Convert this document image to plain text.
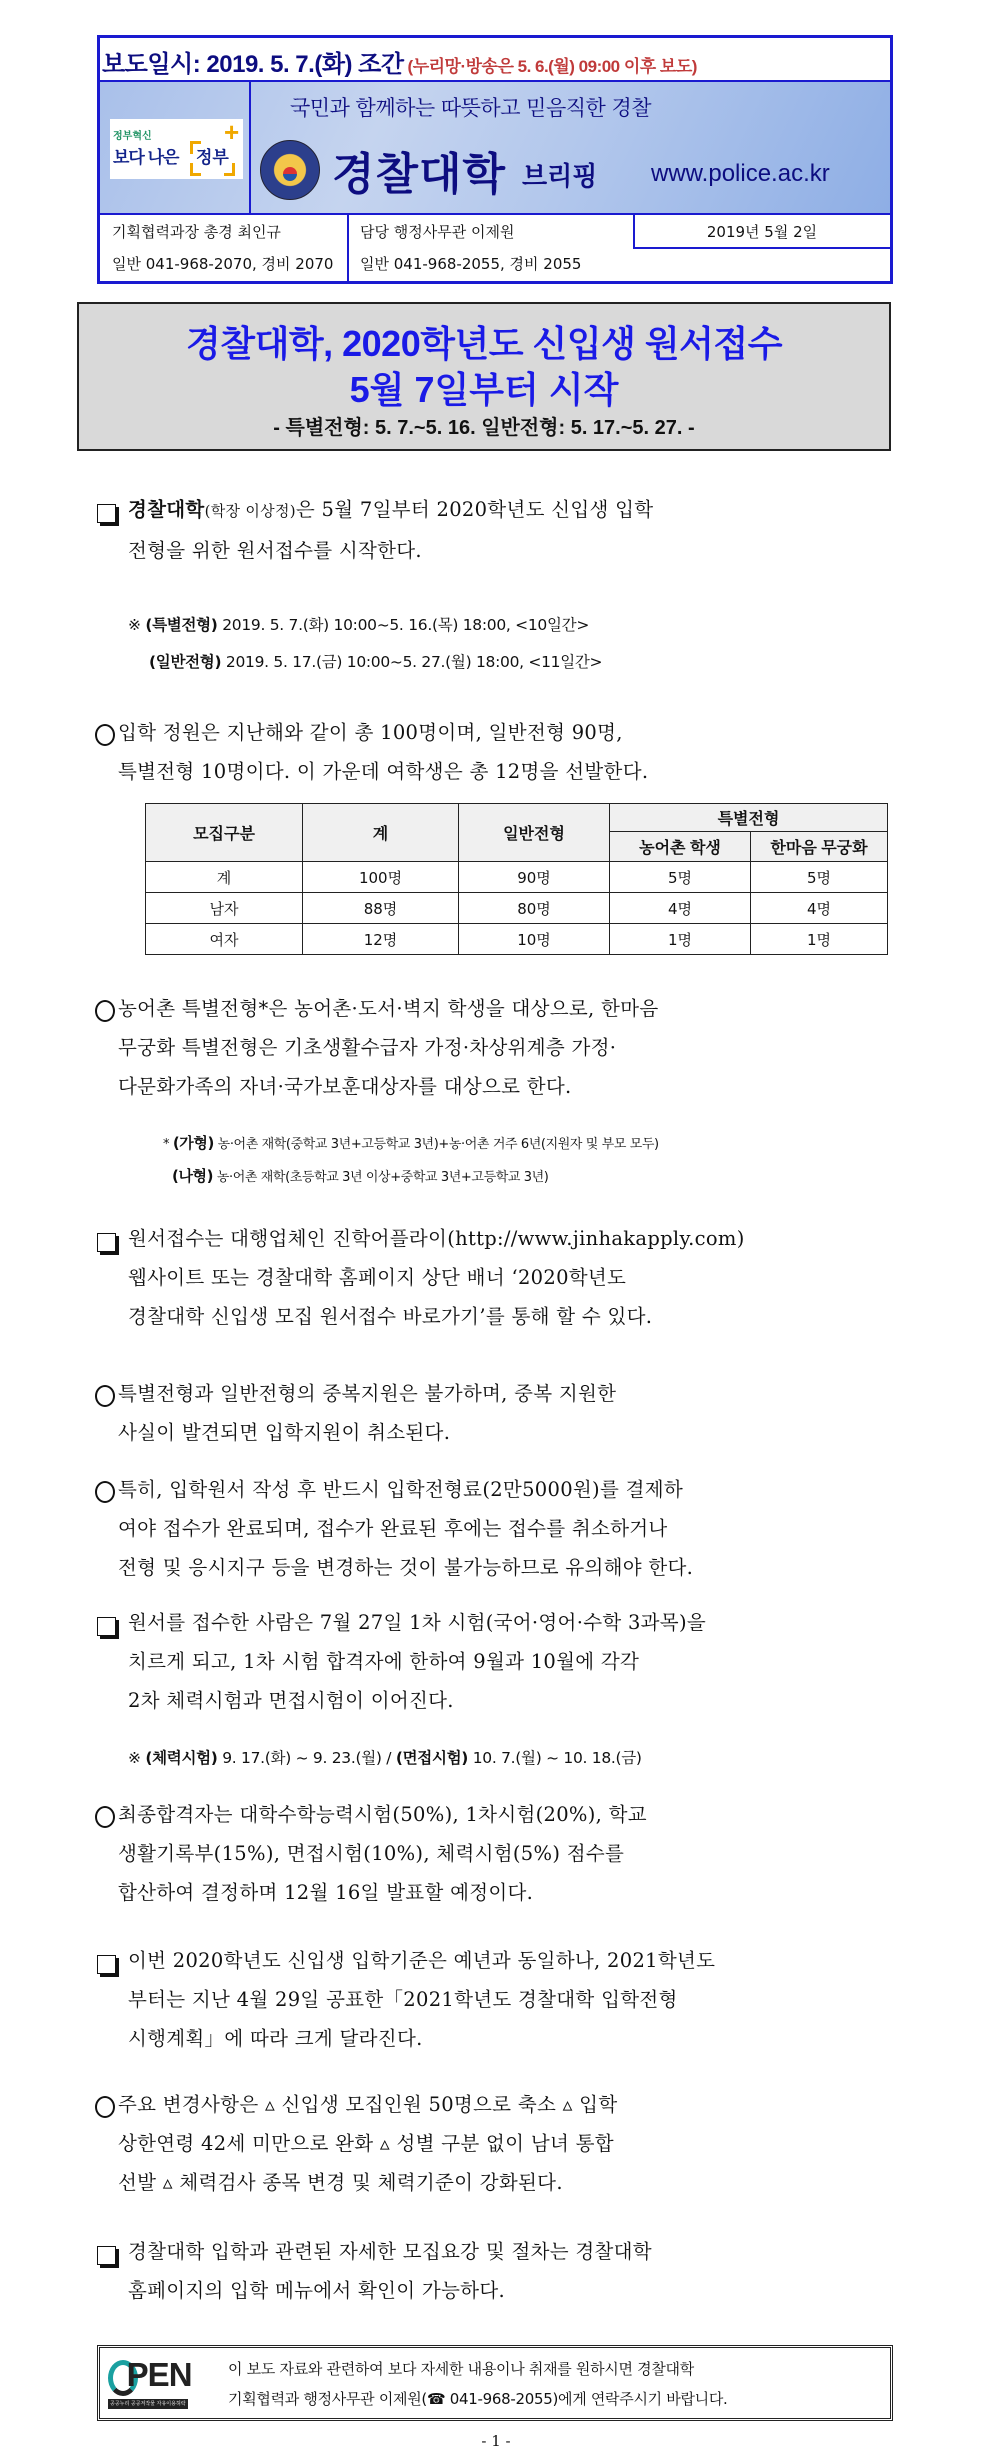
보도일시: 2019. 5. 7.(화) 조간 (누리망·방송은 5. 6.(월) 09:00 이후 보도)
정부혁신
보다 나은 정부
+
국민과 함께하는 따뜻하고 믿음직한 경찰
경찰대학 브리핑 www.police.ac.kr
기획협력과장 총경 최인규
일반 041-968-2070, 경비 2070
담당 행정사무관 이제원
일반 041-968-2055, 경비 2055
2019년 5월 2일
경찰대학, 2020학년도 신입생 원서접수
5월 7일부터 시작
- 특별전형: 5. 7.~5. 16. 일반전형: 5. 17.~5. 27. -
경찰대학(학장 이상정)은 5월 7일부터 2020학년도 신입생 입학
전형을 위한 원서접수를 시작한다.
※ (특별전형) 2019. 5. 7.(화) 10:00~5. 16.(목) 18:00, <10일간>
(일반전형) 2019. 5. 17.(금) 10:00~5. 27.(월) 18:00, <11일간>
입학 정원은 지난해와 같이 총 100명이며, 일반전형 90명,
특별전형 10명이다. 이 가운데 여학생은 총 12명을 선발한다.
모집구분	계	일반전형	특별전형	
			농어촌 학생	한마음 무궁화
계	100명	90명	5명	5명
남자	88명	80명	4명	4명
여자	12명	10명	1명	1명
농어촌 특별전형*은 농어촌·도서·벽지 학생을 대상으로, 한마음
무궁화 특별전형은 기초생활수급자 가정·차상위계층 가정·
다문화가족의 자녀·국가보훈대상자를 대상으로 한다.
* (가형) 농·어촌 재학(중학교 3년+고등학교 3년)+농·어촌 거주 6년(지원자 및 부모 모두)
(나형) 농·어촌 재학(초등학교 3년 이상+중학교 3년+고등학교 3년)
원서접수는 대행업체인 진학어플라이(http://www.jinhakapply.com)
웹사이트 또는 경찰대학 홈페이지 상단 배너 ‘2020학년도
경찰대학 신입생 모집 원서접수 바로가기’를 통해 할 수 있다.
특별전형과 일반전형의 중복지원은 불가하며, 중복 지원한
사실이 발견되면 입학지원이 취소된다.
특히, 입학원서 작성 후 반드시 입학전형료(2만5000원)를 결제하
여야 접수가 완료되며, 접수가 완료된 후에는 접수를 취소하거나
전형 및 응시지구 등을 변경하는 것이 불가능하므로 유의해야 한다.
원서를 접수한 사람은 7월 27일 1차 시험(국어·영어·수학 3과목)을
치르게 되고, 1차 시험 합격자에 한하여 9월과 10월에 각각
2차 체력시험과 면접시험이 이어진다.
※ (체력시험) 9. 17.(화) ~ 9. 23.(월) / (면접시험) 10. 7.(월) ~ 10. 18.(금)
최종합격자는 대학수학능력시험(50%), 1차시험(20%), 학교
생활기록부(15%), 면접시험(10%), 체력시험(5%) 점수를
합산하여 결정하며 12월 16일 발표할 예정이다.
이번 2020학년도 신입생 입학기준은 예년과 동일하나, 2021학년도
부터는 지난 4월 29일 공표한「2021학년도 경찰대학 입학전형
시행계획」에 따라 크게 달라진다.
주요 변경사항은 ▵ 신입생 모집인원 50명으로 축소 ▵ 입학
상한연령 42세 미만으로 완화 ▵ 성별 구분 없이 남녀 통합
선발 ▵ 체력검사 종목 변경 및 체력기준이 강화된다.
경찰대학 입학과 관련된 자세한 모집요강 및 절차는 경찰대학
홈페이지의 입학 메뉴에서 확인이 가능하다.
PEN
공공누리 공공저작물 자유이용허락
이 보도 자료와 관련하여 보다 자세한 내용이나 취재를 원하시면 경찰대학
기획협력과 행정사무관 이제원(☎ 041-968-2055)에게 연락주시기 바랍니다.
- 1 -
